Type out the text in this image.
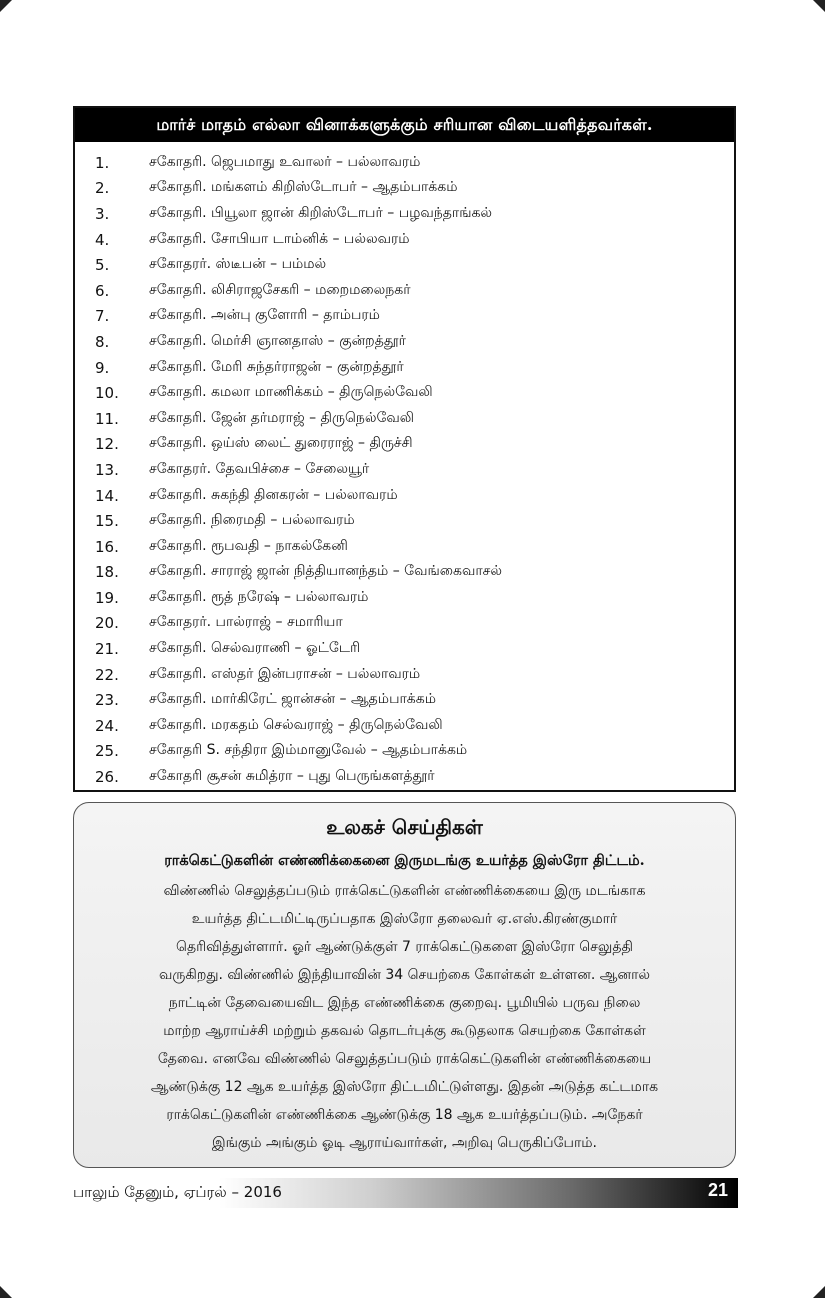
மார்ச் மாதம் எல்லா வினாக்களுக்கும் சரியான விடையளித்தவர்கள்.
1.	சகோதரி. ஜெபமாது உவாலர் – பல்லாவரம்
2.	சகோதரி. மங்களம் கிறிஸ்டோபர் – ஆதம்பாக்கம்
3.	சகோதரி. பியூலா ஜான் கிறிஸ்டோபர் – பழவந்தாங்கல்
4.	சகோதரி. சோபியா டாம்னிக் – பல்லவரம்
5.	சகோதரர். ஸ்டீபன் – பம்மல்
6.	சகோதரி. லிசிராஜசேகரி – மறைமலைநகர்
7.	சகோதரி. அன்பு குளோரி – தாம்பரம்
8.	சகோதரி. மெர்சி ஞானதாஸ் – குன்றத்தூர்
9.	சகோதரி. மேரி சுந்தர்ராஜன் – குன்றத்தூர்
10.	சகோதரி. கமலா மாணிக்கம் – திருநெல்வேலி
11.	சகோதரி. ஜேன் தர்மராஜ் – திருநெல்வேலி
12.	சகோதரி. ஒய்ஸ் லைட் துரைராஜ் – திருச்சி
13.	சகோதரர். தேவபிச்சை – சேலையூர்
14.	சகோதரி. சுகந்தி தினகரன் – பல்லாவரம்
15.	சகோதரி. நிரைமதி – பல்லாவரம்
16.	சகோதரி. ரூபவதி – நாகல்கேனி
18.	சகோதரி. சாராஜ் ஜான் நித்தியானந்தம் – வேங்கைவாசல்
19.	சகோதரி. ரூத் நரேஷ் – பல்லாவரம்
20.	சகோதரர். பால்ராஜ் – சமாரியா
21.	சகோதரி. செல்வராணி – ஓட்டேரி
22.	சகோதரி. எஸ்தர் இன்பராசன் – பல்லாவரம்
23.	சகோதரி. மார்கிரேட் ஜான்சன் – ஆதம்பாக்கம்
24.	சகோதரி. மரகதம் செல்வராஜ் – திருநெல்வேலி
25.	சகோதரி S. சந்திரா இம்மானுவேல் – ஆதம்பாக்கம்
26.	சகோதரி சூசன் சுமித்ரா – புது பெருங்களத்தூர்
உலகச் செய்திகள்
ராக்கெட்டுகளின் எண்ணிக்கைனை இருமடங்கு உயர்த்த இஸ்ரோ திட்டம்.
விண்ணில் செலுத்தப்படும் ராக்கெட்டுகளின் எண்ணிக்கையை இரு மடங்காக
உயர்த்த திட்டமிட்டிருப்பதாக இஸ்ரோ தலைவர் ஏ.எஸ்.கிரண்குமார்
தெரிவித்துள்ளார். ஓர் ஆண்டுக்குள் 7 ராக்கெட்டுகளை இஸ்ரோ செலுத்தி
வருகிறது. விண்ணில் இந்தியாவின் 34 செயற்கை கோள்கள் உள்ளன. ஆனால்
நாட்டின் தேவையைவிட இந்த எண்ணிக்கை குறைவு. பூமியில் பருவ நிலை
மாற்ற ஆராய்ச்சி மற்றும் தகவல் தொடர்புக்கு கூடுதலாக செயற்கை கோள்கள்
தேவை. எனவே விண்ணில் செலுத்தப்படும் ராக்கெட்டுகளின் எண்ணிக்கையை
ஆண்டுக்கு 12 ஆக உயர்த்த இஸ்ரோ திட்டமிட்டுள்ளது. இதன் அடுத்த கட்டமாக
ராக்கெட்டுகளின் எண்ணிக்கை ஆண்டுக்கு 18 ஆக உயர்த்தப்படும். அநேகர்
இங்கும் அங்கும் ஓடி ஆராய்வார்கள், அறிவு பெருகிப்போம்.
பாலும் தேனும், ஏப்ரல் – 2016	21
